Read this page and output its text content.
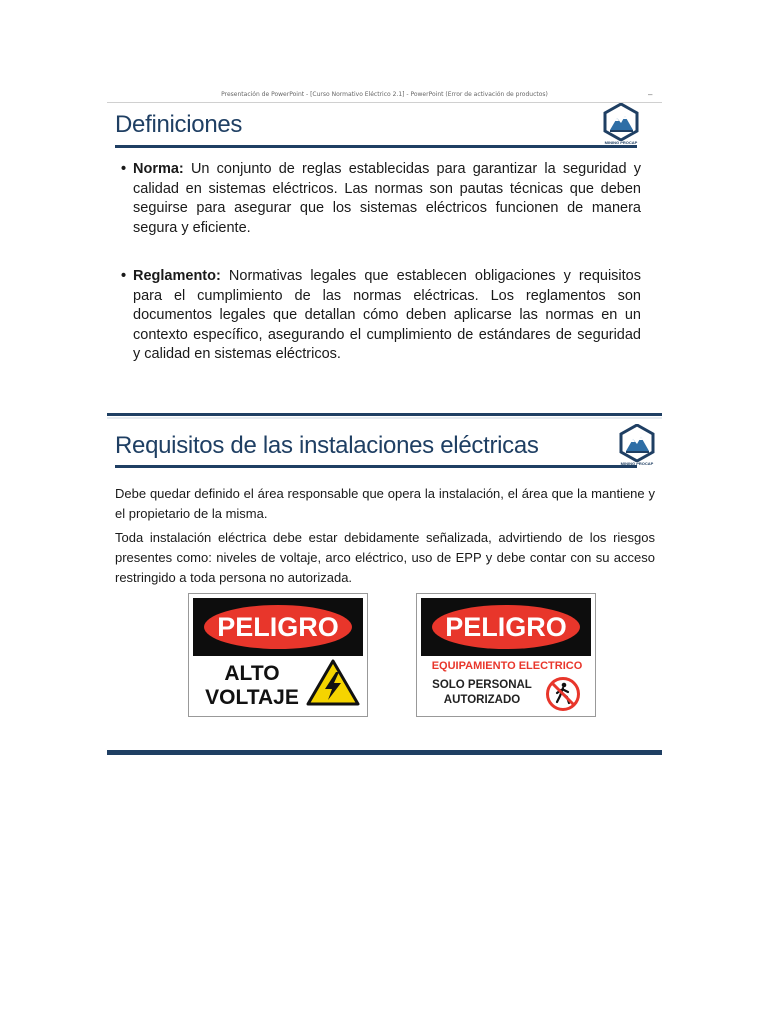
Presentación de PowerPoint - [Curso Normativo Eléctrico 2.1] - PowerPoint (Error de activación de productos)	–
Definiciones
MINING PROCAP
• Norma: Un conjunto de reglas establecidas para garantizar la seguridad y calidad en sistemas eléctricos. Las normas son pautas técnicas que deben seguirse para asegurar que los sistemas eléctricos funcionen de manera segura y eficiente.
• Reglamento: Normativas legales que establecen obligaciones y requisitos para el cumplimiento de las normas eléctricas. Los reglamentos son documentos legales que detallan cómo deben aplicarse las normas en un contexto específico, asegurando el cumplimiento de estándares de seguridad y calidad en sistemas eléctricos.
Requisitos de las instalaciones eléctricas
MINING PROCAP
Debe quedar definido el área responsable que opera la instalación, el área que la mantiene y el propietario de la misma.
Toda instalación eléctrica debe estar debidamente señalizada, advirtiendo de los riesgos presentes como: niveles de voltaje, arco eléctrico, uso de EPP y debe contar con su acceso restringido a toda persona no autorizada.
PELIGRO
ALTO
VOLTAJE
PELIGRO
EQUIPAMIENTO ELECTRICO
SOLO PERSONAL
AUTORIZADO
